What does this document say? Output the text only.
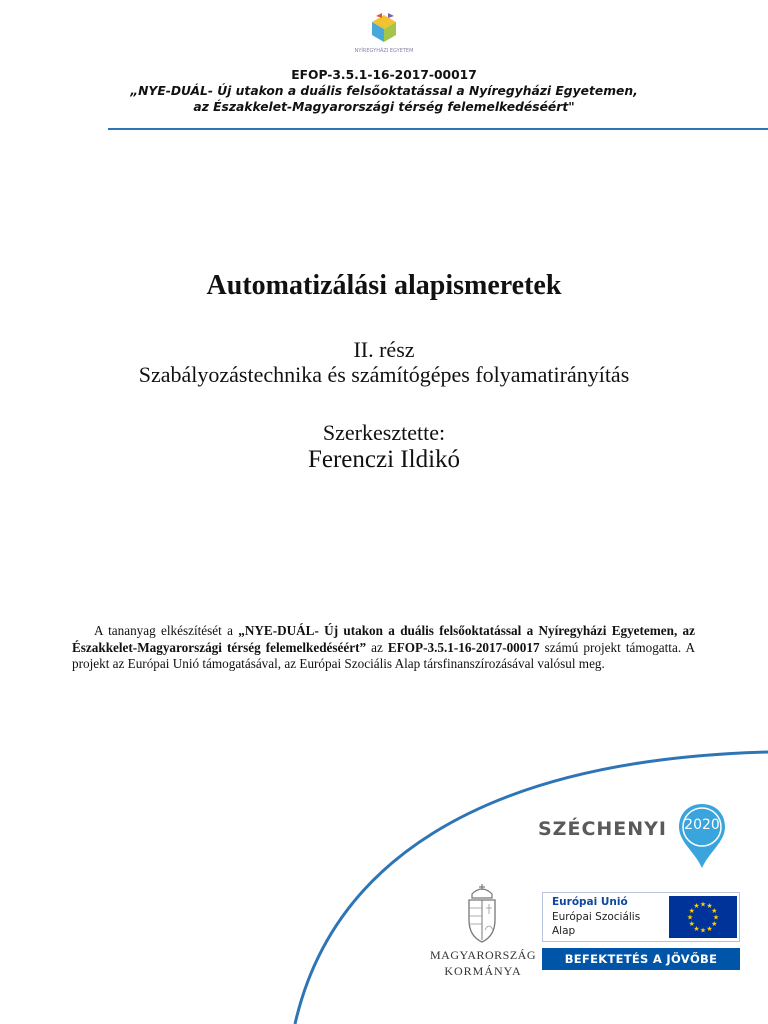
NYÍREGYHÁZI EGYETEM
EFOP-3.5.1-16-2017-00017
„NYE-DUÁL- Új utakon a duális felsőoktatással a Nyíregyházi Egyetemen,
az Északkelet-Magyarországi térség felemelkedéséért"
Automatizálási alapismeretek
II. rész
Szabályozástechnika és számítógépes folyamatirányítás
Szerkesztette:
Ferenczi Ildikó

A tananyag elkészítését a „NYE-DUÁL- Új utakon a duális felsőoktatással a Nyíregyházi Egyetemen, az Északkelet-Magyarországi térség felemelkedéséért” az EFOP-3.5.1-16-2017-00017 számú projekt támogatta. A projekt az Európai Unió támogatásával, az Európai Szociális Alap társfinanszírozásával valósul meg.

SZÉCHENYI	2020
MAGYARORSZÁG
KORMÁNYA
Európai Unió
Európai Szociális
Alap
★ ★
★
★
★
★
★
★
★
★
★
★
BEFEKTETÉS A JÖVŐBE
